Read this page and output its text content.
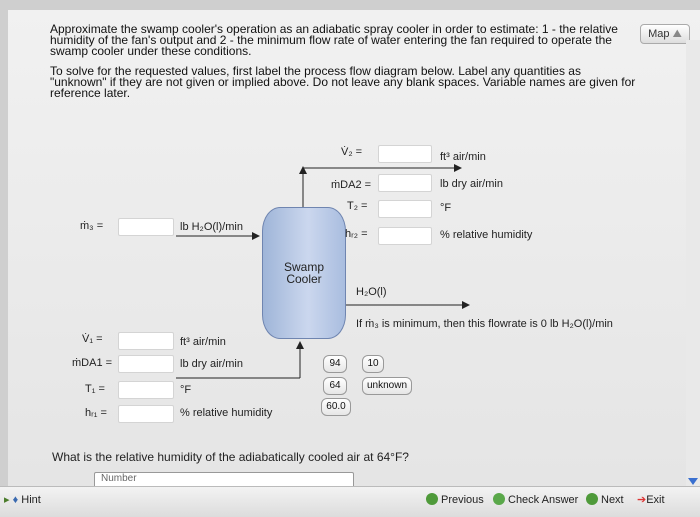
Approximate the swamp cooler's operation as an adiabatic spray cooler in order to estimate: 1 - the relative humidity of the fan's output and 2 - the minimum flow rate of water entering the fan required to operate the swamp cooler under these conditions.

To solve for the requested values, first label the process flow diagram below. Label any quantities as "unknown" if they are not given or implied above. Do not leave any blank spaces. Variable names are given for reference later.

Map ⛰
Swamp
Cooler
V̇₂ =	ft³ air/min
ṁDA2 =	lb dry air/min
T₂ =	°F
hᵣ₂ =	% relative humidity
ṁ₃ =	lb H₂O(l)/min
H₂O(l)
If ṁ₃ is minimum, then this flowrate is 0 lb H₂O(l)/min
V̇₁ =	ft³ air/min
ṁDA1 =	lb dry air/min
T₁ =	°F
hᵣ₁ =	% relative humidity
94	10
64	unknown
60.0
What is the relative humidity of the adiabatically cooled air at 64°F?
Number
▸ ♦ Hint	Previous	Check Answer	Next ➔Exit
